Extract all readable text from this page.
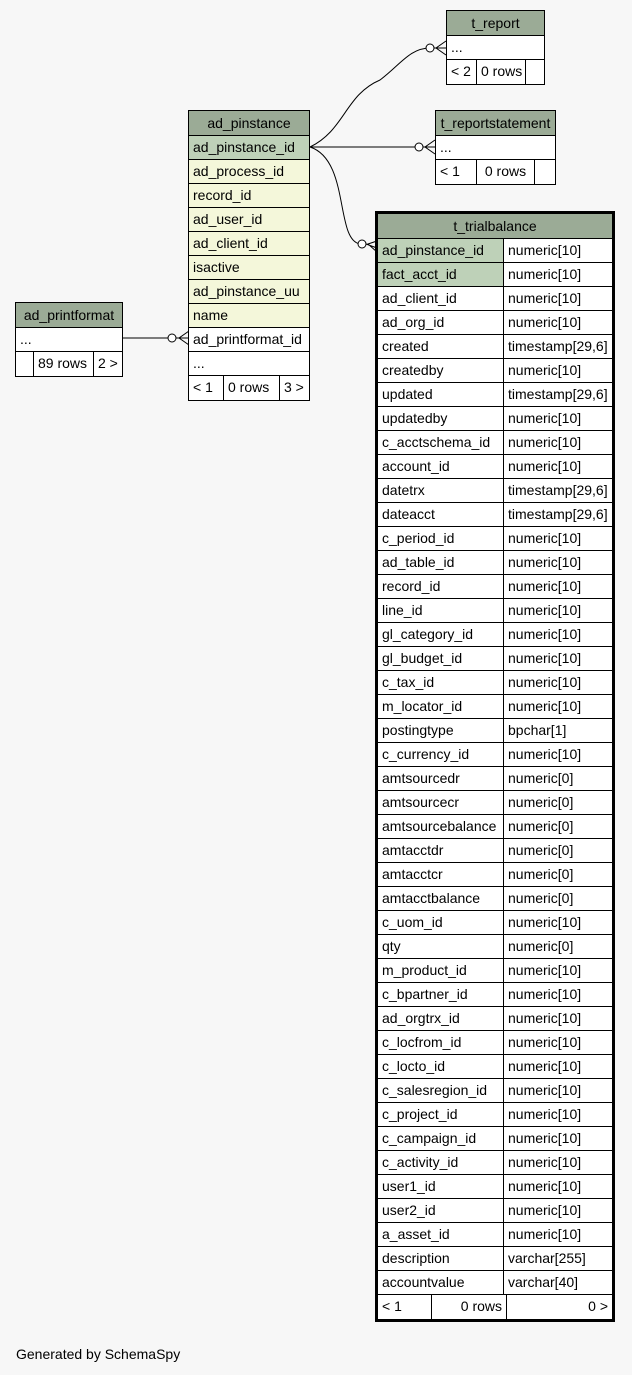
t_report
...
< 2 0 rows
t_reportstatement
...
< 1	0 rows
ad_printformat
...
89 rows 2 >
ad_pinstance
ad_pinstance_id
ad_process_id
record_id
ad_user_id
ad_client_id
isactive
ad_pinstance_uu
name
ad_printformat_id
...
< 1	0 rows	3 >
t_trialbalance
ad_pinstance_id	numeric[10]
fact_acct_id	numeric[10]
ad_client_id	numeric[10]
ad_org_id	numeric[10]
created	timestamp[29,6]
createdby	numeric[10]
updated	timestamp[29,6]
updatedby	numeric[10]
c_acctschema_id	numeric[10]
account_id	numeric[10]
datetrx	timestamp[29,6]
dateacct	timestamp[29,6]
c_period_id	numeric[10]
ad_table_id	numeric[10]
record_id	numeric[10]
line_id	numeric[10]
gl_category_id	numeric[10]
gl_budget_id	numeric[10]
c_tax_id	numeric[10]
m_locator_id	numeric[10]
postingtype	bpchar[1]
c_currency_id	numeric[10]
amtsourcedr	numeric[0]
amtsourcecr	numeric[0]
amtsourcebalance numeric[0]
amtacctdr	numeric[0]
amtacctcr	numeric[0]
amtacctbalance	numeric[0]
c_uom_id	numeric[10]
qty	numeric[0]
m_product_id	numeric[10]
c_bpartner_id	numeric[10]
ad_orgtrx_id	numeric[10]
c_locfrom_id	numeric[10]
c_locto_id	numeric[10]
c_salesregion_id	numeric[10]
c_project_id	numeric[10]
c_campaign_id	numeric[10]
c_activity_id	numeric[10]
user1_id	numeric[10]
user2_id	numeric[10]
a_asset_id	numeric[10]
description	varchar[255]
accountvalue	varchar[40]
< 1	0 rows	0 >
Generated by SchemaSpy
